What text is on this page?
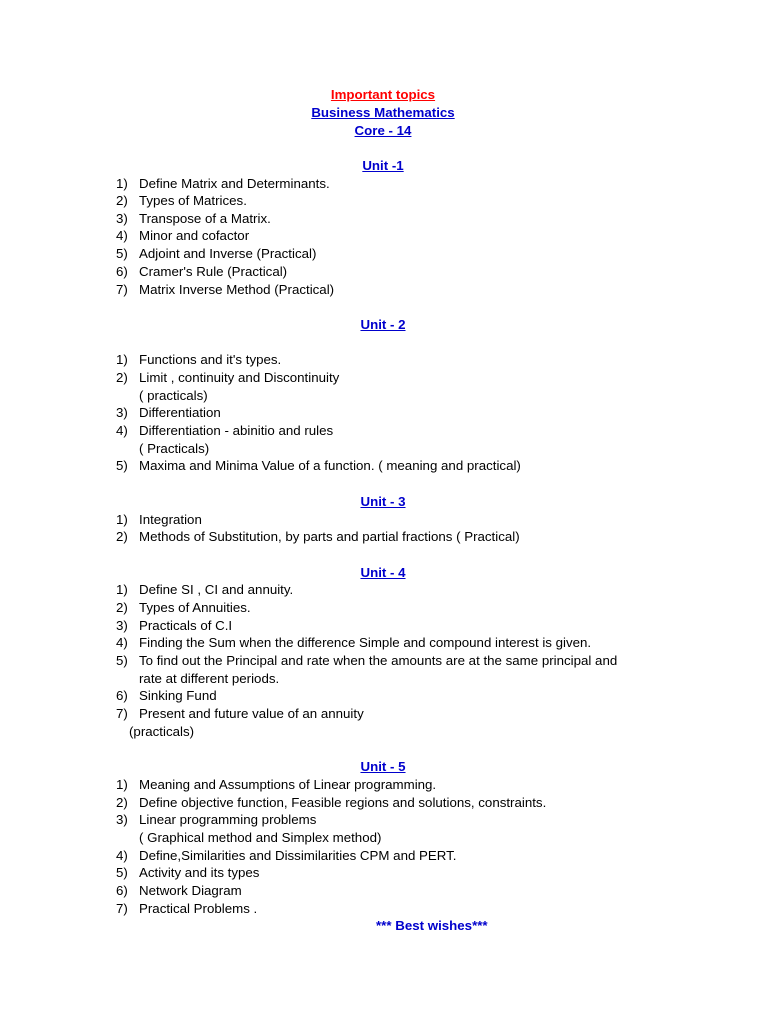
Important topics
Business Mathematics
Core - 14
Unit -1
1) Define Matrix and Determinants.
2) Types of Matrices.
3) Transpose of a Matrix.
4) Minor and cofactor
5) Adjoint and Inverse (Practical)
6) Cramer's Rule (Practical)
7) Matrix Inverse Method (Practical)
Unit - 2
1) Functions and it's types.
2) Limit , continuity and Discontinuity
( practicals)
3) Differentiation
4) Differentiation - abinitio and rules
( Practicals)
5) Maxima and Minima Value of a function. ( meaning and practical)
Unit - 3
1) Integration
2) Methods of Substitution, by parts and partial fractions ( Practical)
Unit - 4
1) Define SI , CI and annuity.
2) Types of Annuities.
3) Practicals of C.I
4) Finding the Sum when the difference Simple and compound interest is given.
5) To find out the Principal and rate when the amounts are at the same principal and
rate at different periods.
6) Sinking Fund
7) Present and future value of an annuity
(practicals)
Unit - 5
1) Meaning and Assumptions of Linear programming.
2) Define objective function, Feasible regions and solutions, constraints.
3) Linear programming problems
( Graphical method and Simplex method)
4) Define,Similarities and Dissimilarities CPM and PERT.
5) Activity and its types
6) Network Diagram
7) Practical Problems .
*** Best wishes***
